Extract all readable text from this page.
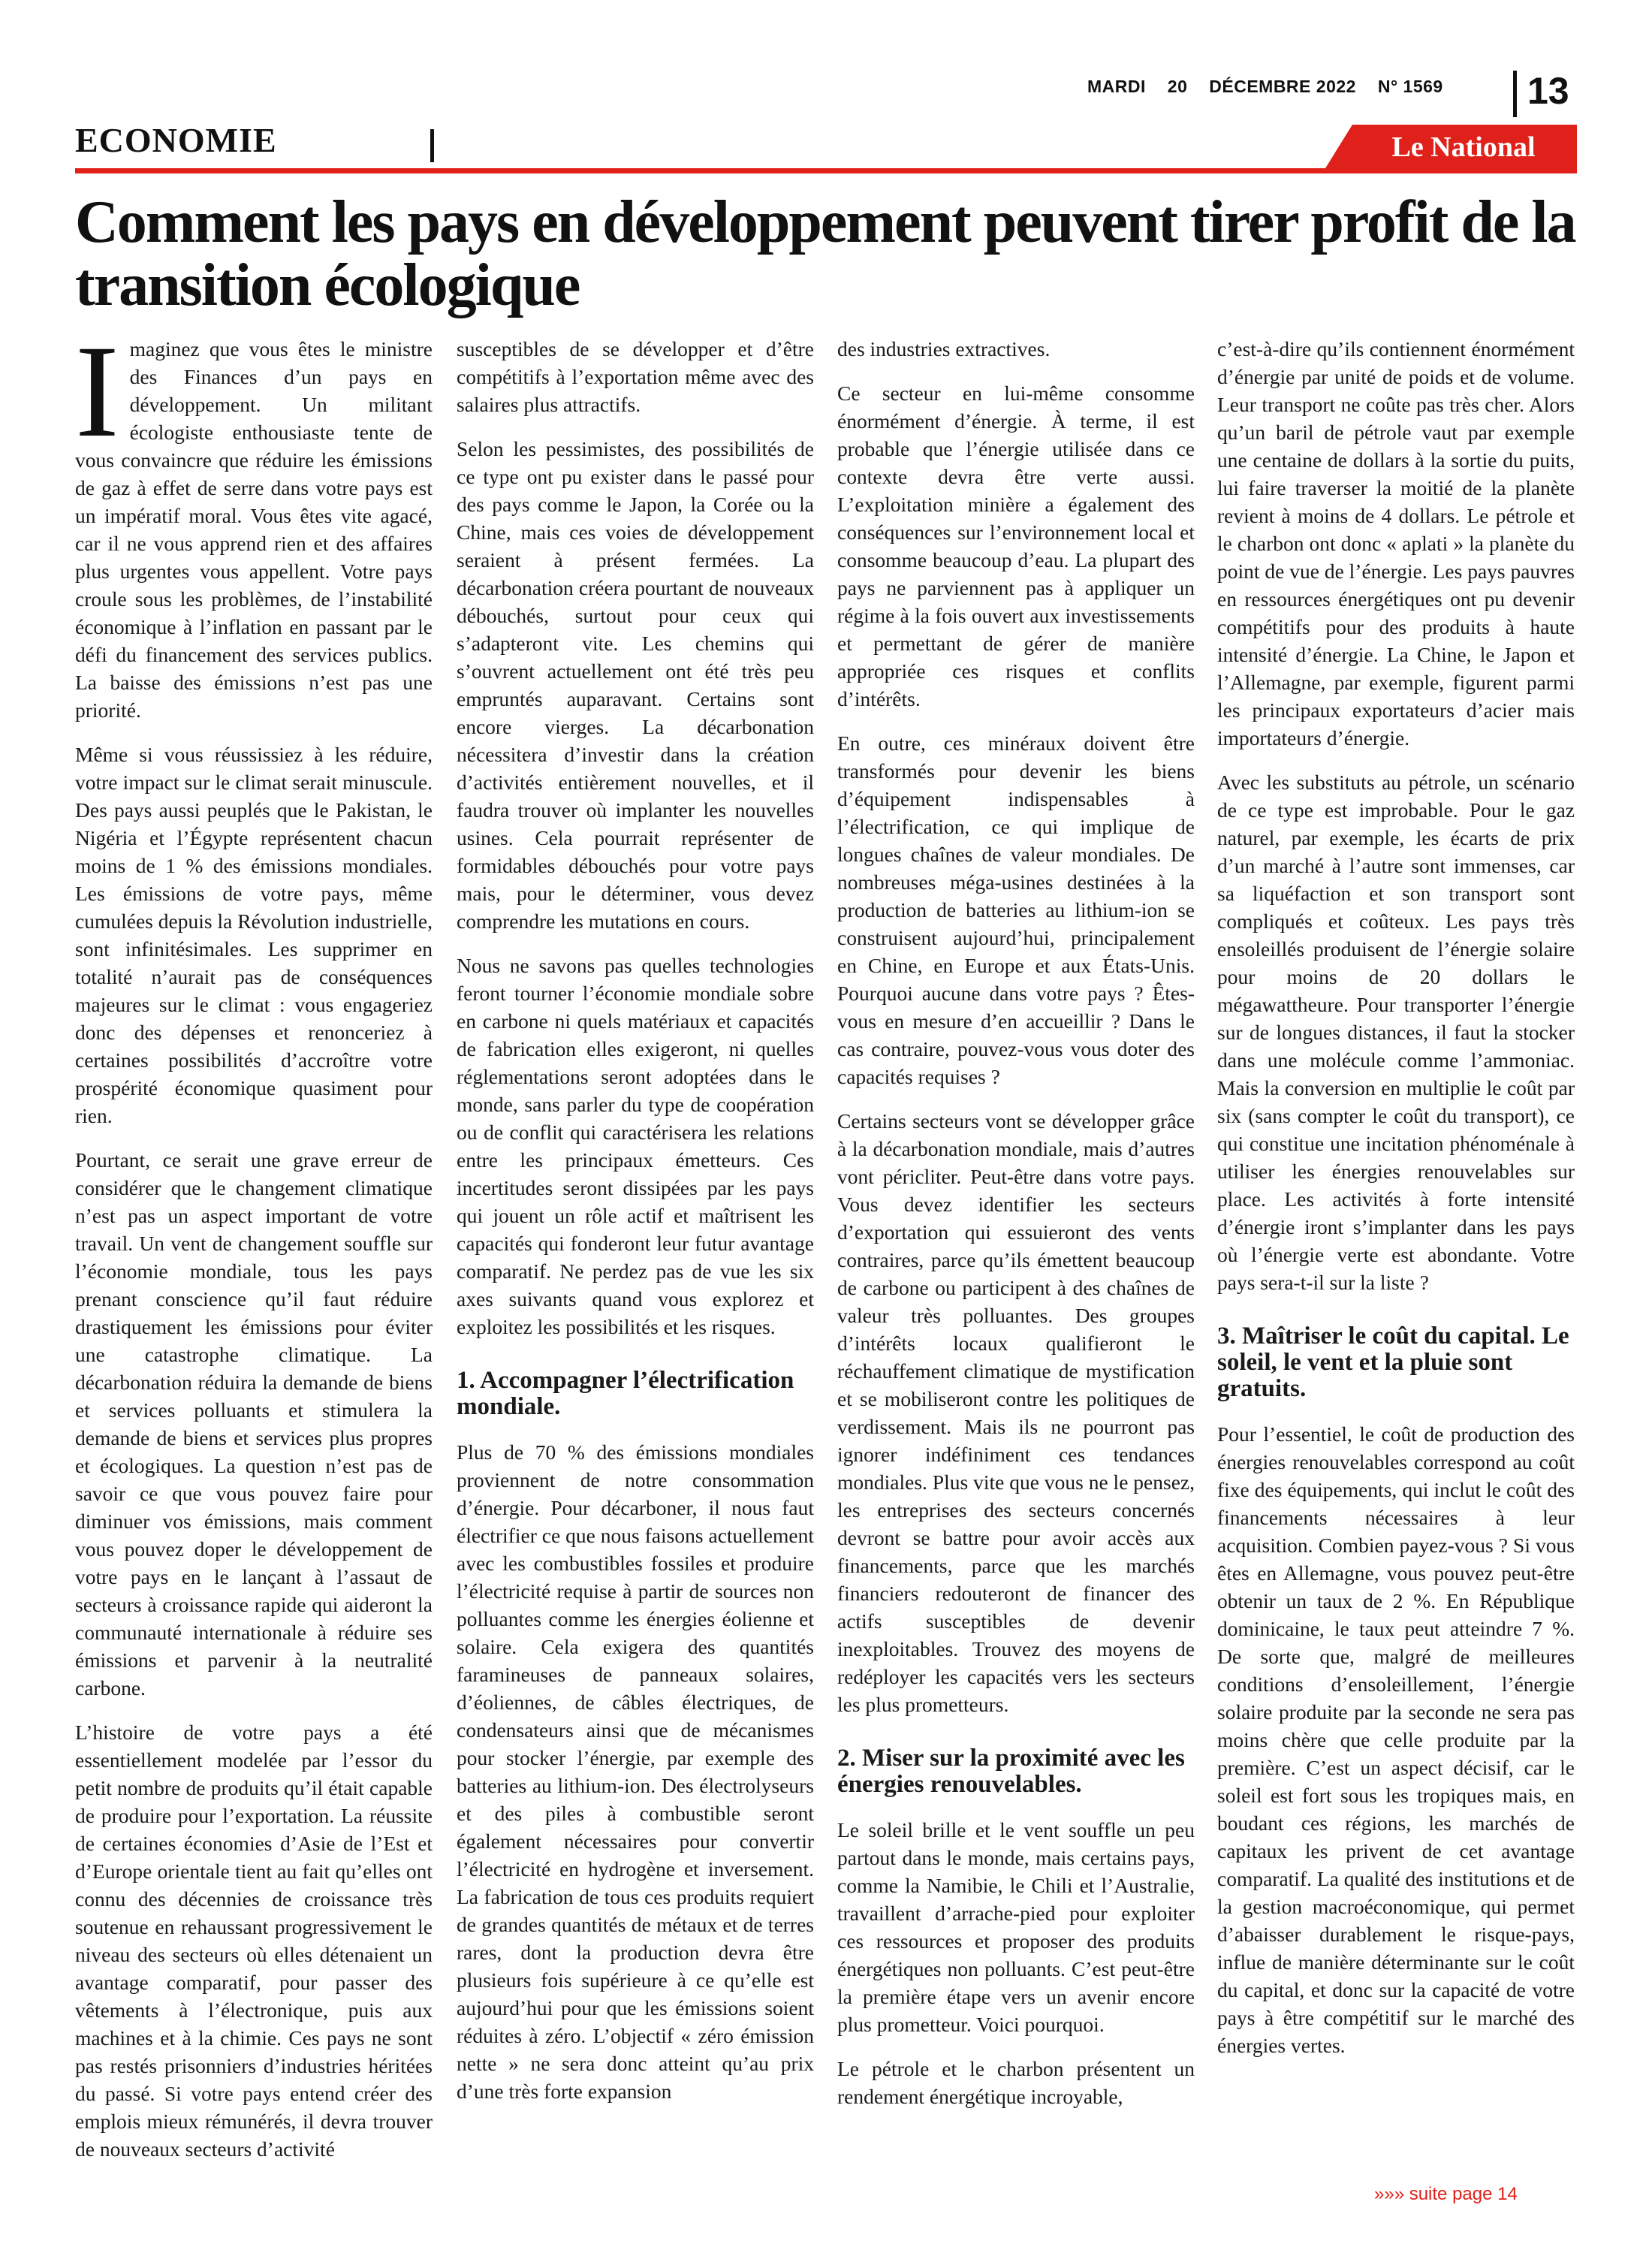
MARDI 20 DÉCEMBRE 2022 N° 1569	13
ECONOMIE	Le National
Comment les pays en développement peuvent tirer profit de la transition écologique
I maginez que vous êtes le ministre des Finances d’un pays en développement. Un militant écologiste enthousiaste tente de vous convaincre que réduire les émissions de gaz à effet de serre dans votre pays est un impératif moral. Vous êtes vite agacé, car il ne vous apprend rien et des affaires plus urgentes vous appellent. Votre pays croule sous les problèmes, de l’instabilité économique à l’inflation en passant par le défi du financement des services publics. La baisse des émissions n’est pas une priorité.

Même si vous réussissiez à les réduire, votre impact sur le climat serait minuscule. Des pays aussi peuplés que le Pakistan, le Nigéria et l’Égypte représentent chacun moins de 1 % des émissions mondiales. Les émissions de votre pays, même cumulées depuis la Révolution industrielle, sont infinitésimales. Les supprimer en totalité n’aurait pas de conséquences majeures sur le climat : vous engageriez donc des dépenses et renonceriez à certaines possibilités d’accroître votre prospérité économique quasiment pour rien.

Pourtant, ce serait une grave erreur de considérer que le changement climatique n’est pas un aspect important de votre travail. Un vent de changement souffle sur l’économie mondiale, tous les pays prenant conscience qu’il faut réduire drastiquement les émissions pour éviter une catastrophe climatique. La décarbonation réduira la demande de biens et services polluants et stimulera la demande de biens et services plus propres et écologiques. La question n’est pas de savoir ce que vous pouvez faire pour diminuer vos émissions, mais comment vous pouvez doper le développement de votre pays en le lançant à l’assaut de secteurs à croissance rapide qui aideront la communauté internationale à réduire ses émissions et parvenir à la neutralité carbone.

L’histoire de votre pays a été essentiellement modelée par l’essor du petit nombre de produits qu’il était capable de produire pour l’exportation. La réussite de certaines économies d’Asie de l’Est et d’Europe orientale tient au fait qu’elles ont connu des décennies de croissance très soutenue en rehaussant progressivement le niveau des secteurs où elles détenaient un avantage comparatif, pour passer des vêtements à l’électronique, puis aux machines et à la chimie. Ces pays ne sont pas restés prisonniers d’industries héritées du passé. Si votre pays entend créer des emplois mieux rémunérés, il devra trouver de nouveaux secteurs d’activité

susceptibles de se développer et d’être compétitifs à l’exportation même avec des salaires plus attractifs.

Selon les pessimistes, des possibilités de ce type ont pu exister dans le passé pour des pays comme le Japon, la Corée ou la Chine, mais ces voies de développement seraient à présent fermées. La décarbonation créera pourtant de nouveaux débouchés, surtout pour ceux qui s’adapteront vite. Les chemins qui s’ouvrent actuellement ont été très peu empruntés auparavant. Certains sont encore vierges. La décarbonation nécessitera d’investir dans la création d’activités entièrement nouvelles, et il faudra trouver où implanter les nouvelles usines. Cela pourrait représenter de formidables débouchés pour votre pays mais, pour le déterminer, vous devez comprendre les mutations en cours.

Nous ne savons pas quelles technologies feront tourner l’économie mondiale sobre en carbone ni quels matériaux et capacités de fabrication elles exigeront, ni quelles réglementations seront adoptées dans le monde, sans parler du type de coopération ou de conflit qui caractérisera les relations entre les principaux émetteurs. Ces incertitudes seront dissipées par les pays qui jouent un rôle actif et maîtrisent les capacités qui fonderont leur futur avantage comparatif. Ne perdez pas de vue les six axes suivants quand vous explorez et exploitez les possibilités et les risques.

1. Accompagner l’électrification mondiale.

Plus de 70 % des émissions mondiales proviennent de notre consommation d’énergie. Pour décarboner, il nous faut électrifier ce que nous faisons actuellement avec les combustibles fossiles et produire l’électricité requise à partir de sources non polluantes comme les énergies éolienne et solaire. Cela exigera des quantités faramineuses de panneaux solaires, d’éoliennes, de câbles électriques, de condensateurs ainsi que de mécanismes pour stocker l’énergie, par exemple des batteries au lithium-ion. Des électrolyseurs et des piles à combustible seront également nécessaires pour convertir l’électricité en hydrogène et inversement. La fabrication de tous ces produits requiert de grandes quantités de métaux et de terres rares, dont la production devra être plusieurs fois supérieure à ce qu’elle est aujourd’hui pour que les émissions soient réduites à zéro. L’objectif « zéro émission nette » ne sera donc atteint qu’au prix d’une très forte expansion

des industries extractives.

Ce secteur en lui-même consomme énormément d’énergie. À terme, il est probable que l’énergie utilisée dans ce contexte devra être verte aussi. L’exploitation minière a également des conséquences sur l’environnement local et consomme beaucoup d’eau. La plupart des pays ne parviennent pas à appliquer un régime à la fois ouvert aux investissements et permettant de gérer de manière appropriée ces risques et conflits d’intérêts.

En outre, ces minéraux doivent être transformés pour devenir les biens d’équipement indispensables à l’électrification, ce qui implique de longues chaînes de valeur mondiales. De nombreuses méga-usines destinées à la production de batteries au lithium-ion se construisent aujourd’hui, principalement en Chine, en Europe et aux États-Unis. Pourquoi aucune dans votre pays ? Êtes-vous en mesure d’en accueillir ? Dans le cas contraire, pouvez-vous vous doter des capacités requises ?

Certains secteurs vont se développer grâce à la décarbonation mondiale, mais d’autres vont péricliter. Peut-être dans votre pays. Vous devez identifier les secteurs d’exportation qui essuieront des vents contraires, parce qu’ils émettent beaucoup de carbone ou participent à des chaînes de valeur très polluantes. Des groupes d’intérêts locaux qualifieront le réchauffement climatique de mystification et se mobiliseront contre les politiques de verdissement. Mais ils ne pourront pas ignorer indéfiniment ces tendances mondiales. Plus vite que vous ne le pensez, les entreprises des secteurs concernés devront se battre pour avoir accès aux financements, parce que les marchés financiers redouteront de financer des actifs susceptibles de devenir inexploitables. Trouvez des moyens de redéployer les capacités vers les secteurs les plus prometteurs.

2. Miser sur la proximité avec les énergies renouvelables.

Le soleil brille et le vent souffle un peu partout dans le monde, mais certains pays, comme la Namibie, le Chili et l’Australie, travaillent d’arrache-pied pour exploiter ces ressources et proposer des produits énergétiques non polluants. C’est peut-être la première étape vers un avenir encore plus prometteur. Voici pourquoi.

Le pétrole et le charbon présentent un rendement énergétique incroyable,

c’est-à-dire qu’ils contiennent énormément d’énergie par unité de poids et de volume. Leur transport ne coûte pas très cher. Alors qu’un baril de pétrole vaut par exemple une centaine de dollars à la sortie du puits, lui faire traverser la moitié de la planète revient à moins de 4 dollars. Le pétrole et le charbon ont donc « aplati » la planète du point de vue de l’énergie. Les pays pauvres en ressources énergétiques ont pu devenir compétitifs pour des produits à haute intensité d’énergie. La Chine, le Japon et l’Allemagne, par exemple, figurent parmi les principaux exportateurs d’acier mais importateurs d’énergie.

Avec les substituts au pétrole, un scénario de ce type est improbable. Pour le gaz naturel, par exemple, les écarts de prix d’un marché à l’autre sont immenses, car sa liquéfaction et son transport sont compliqués et coûteux. Les pays très ensoleillés produisent de l’énergie solaire pour moins de 20 dollars le mégawattheure. Pour transporter l’énergie sur de longues distances, il faut la stocker dans une molécule comme l’ammoniac. Mais la conversion en multiplie le coût par six (sans compter le coût du transport), ce qui constitue une incitation phénoménale à utiliser les énergies renouvelables sur place. Les activités à forte intensité d’énergie iront s’implanter dans les pays où l’énergie verte est abondante. Votre pays sera-t-il sur la liste ?

3. Maîtriser le coût du capital. Le soleil, le vent et la pluie sont gratuits.

Pour l’essentiel, le coût de production des énergies renouvelables correspond au coût fixe des équipements, qui inclut le coût des financements nécessaires à leur acquisition. Combien payez-vous ? Si vous êtes en Allemagne, vous pouvez peut-être obtenir un taux de 2 %. En République dominicaine, le taux peut atteindre 7 %. De sorte que, malgré de meilleures conditions d’ensoleillement, l’énergie solaire produite par la seconde ne sera pas moins chère que celle produite par la première. C’est un aspect décisif, car le soleil est fort sous les tropiques mais, en boudant ces régions, les marchés de capitaux les privent de cet avantage comparatif. La qualité des institutions et de la gestion macroéconomique, qui permet d’abaisser durablement le risque-pays, influe de manière déterminante sur le coût du capital, et donc sur la capacité de votre pays à être compétitif sur le marché des énergies vertes.

»»» suite page 14
